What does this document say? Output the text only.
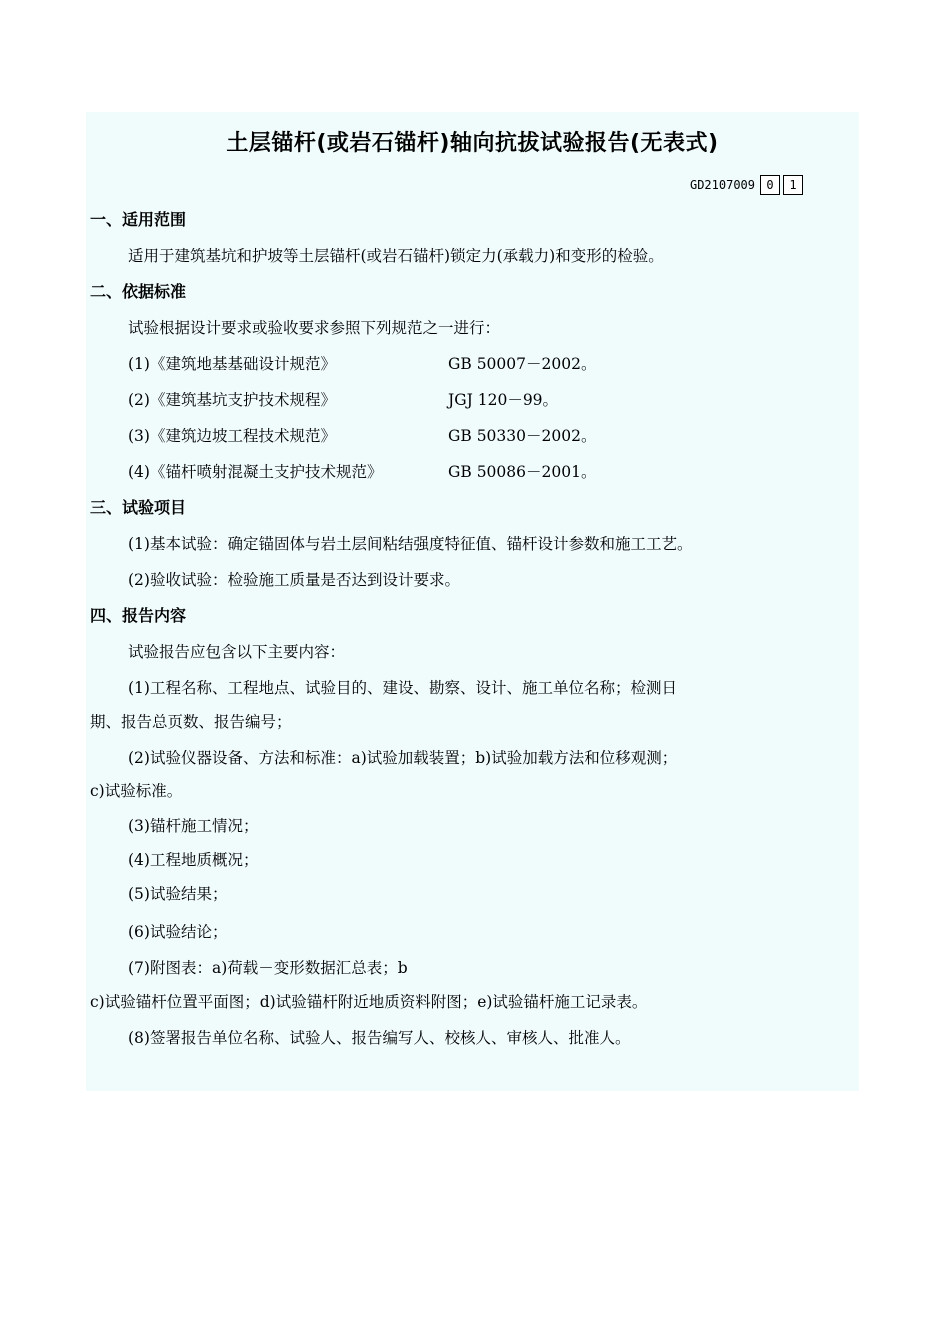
土层锚杆(或岩石锚杆)轴向抗拔试验报告(无表式)
GD2107009 0	1
一、适用范围
适用于建筑基坑和护坡等土层锚杆(或岩石锚杆)锁定力(承载力)和变形的检验。
二、依据标准
试验根据设计要求或验收要求参照下列规范之一进行：
(1)《建筑地基基础设计规范》	GB 50007－2002。
(2)《建筑基坑支护技术规程》	JGJ 120－99。
(3)《建筑边坡工程技术规范》	GB 50330－2002。
(4)《锚杆喷射混凝土支护技术规范》	GB 50086－2001。
三、试验项目
(1)基本试验：确定锚固体与岩土层间粘结强度特征值、锚杆设计参数和施工工艺。
(2)验收试验：检验施工质量是否达到设计要求。
四、报告内容
试验报告应包含以下主要内容：
(1)工程名称、工程地点、试验目的、建设、勘察、设计、施工单位名称；检测日
期、报告总页数、报告编号；
(2)试验仪器设备、方法和标准：a)试验加载装置；b)试验加载方法和位移观测；
c)试验标准。
(3)锚杆施工情况；
(4)工程地质概况；
(5)试验结果；
(6)试验结论；
(7)附图表：a)荷载－变形数据汇总表；b
c)试验锚杆位置平面图；d)试验锚杆附近地质资料附图；e)试验锚杆施工记录表。
(8)签署报告单位名称、试验人、报告编写人、校核人、审核人、批准人。
